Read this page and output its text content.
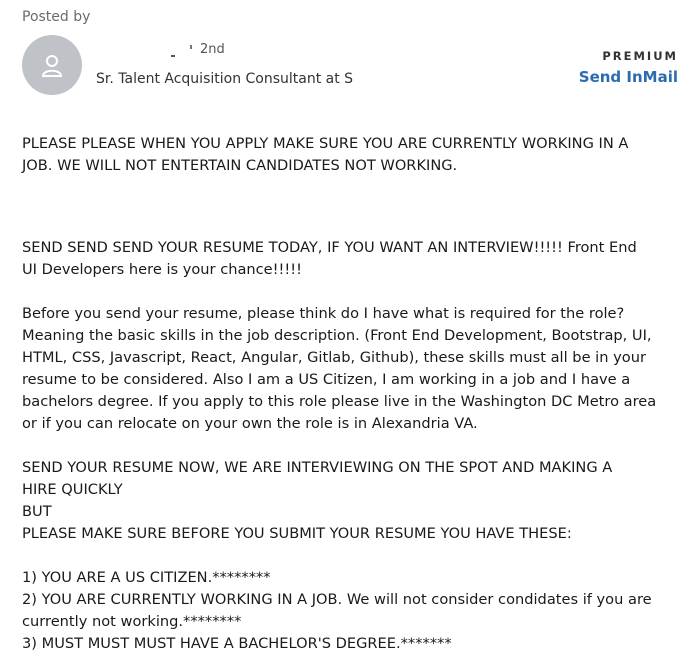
Posted by
2nd
Sr. Talent Acquisition Consultant at S
PREMIUM
Send InMail

PLEASE PLEASE WHEN YOU APPLY MAKE SURE YOU ARE CURRENTLY WORKING IN A

JOB. WE WILL NOT ENTERTAIN CANDIDATES NOT WORKING.

SEND SEND SEND YOUR RESUME TODAY, IF YOU WANT AN INTERVIEW!!!!! Front End

UI Developers here is your chance!!!!!

Before you send your resume, please think do I have what is required for the role?

Meaning the basic skills in the job description. (Front End Development, Bootstrap, UI,

HTML, CSS, Javascript, React, Angular, Gitlab, Github), these skills must all be in your

resume to be considered. Also I am a US Citizen, I am working in a job and I have a

bachelors degree. If you apply to this role please live in the Washington DC Metro area

or if you can relocate on your own the role is in Alexandria VA.

SEND YOUR RESUME NOW, WE ARE INTERVIEWING ON THE SPOT AND MAKING A

HIRE QUICKLY

BUT

PLEASE MAKE SURE BEFORE YOU SUBMIT YOUR RESUME YOU HAVE THESE:

1) YOU ARE A US CITIZEN.********

2) YOU ARE CURRENTLY WORKING IN A JOB. We will not consider condidates if you are

currently not working.********

3) MUST MUST MUST HAVE A BACHELOR'S DEGREE.*******
